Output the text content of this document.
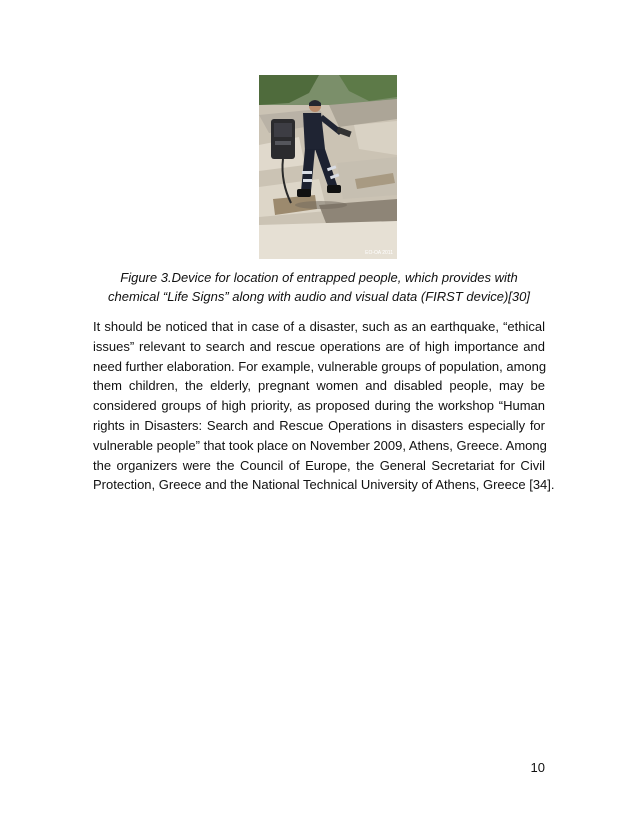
ΕΟ-ΟΑ 2011
Figure 3.Device for location of entrapped people, which provides with
chemical “Life Signs” along with audio and visual data (FIRST device)[30]
It should be noticed that in case of a disaster, such as an earthquake, “ethical
issues” relevant to search and rescue operations are of high importance and
need further elaboration. For example, vulnerable groups of population, among
them children, the elderly, pregnant women and disabled people, may be
considered groups of high priority, as proposed during the workshop “Human
rights in Disasters: Search and Rescue Operations in disasters especially for
vulnerable people” that took place on November 2009, Athens, Greece. Among
the organizers were the Council of Europe, the General Secretariat for Civil
Protection, Greece and the National Technical University of Athens, Greece [34].
10
